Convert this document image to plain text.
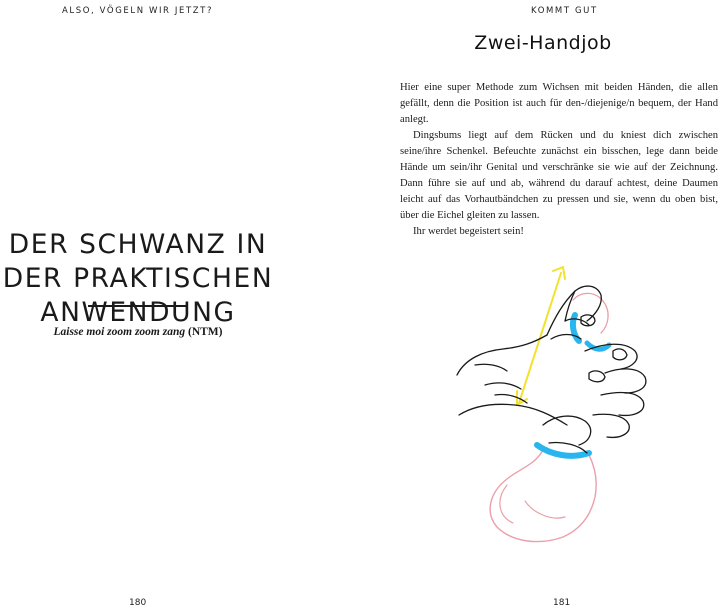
ALSO, VÖGELN WIR JETZT?
DER SCHWANZ IN
DER PRAKTISCHEN
ANWENDUNG
Laisse moi zoom zoom zang (NTM)
180
KOMMT GUT
Zwei-Handjob

Hier eine super Methode zum Wichsen mit beiden Händen, die allen gefällt, denn die Position ist auch für den-/diejenige/n bequem, der Hand anlegt.

Dingsbums liegt auf dem Rücken und du kniest dich zwischen seine/ihre Schenkel. Befeuchte zunächst ein bisschen, lege dann beide Hände um sein/ihr Genital und verschränke sie wie auf der Zeichnung. Dann führe sie auf und ab, während du darauf achtest, deine Daumen leicht auf das Vorhautbändchen zu pressen und sie, wenn du oben bist, über die Eichel gleiten zu lassen.

Ihr werdet begeistert sein!

181
